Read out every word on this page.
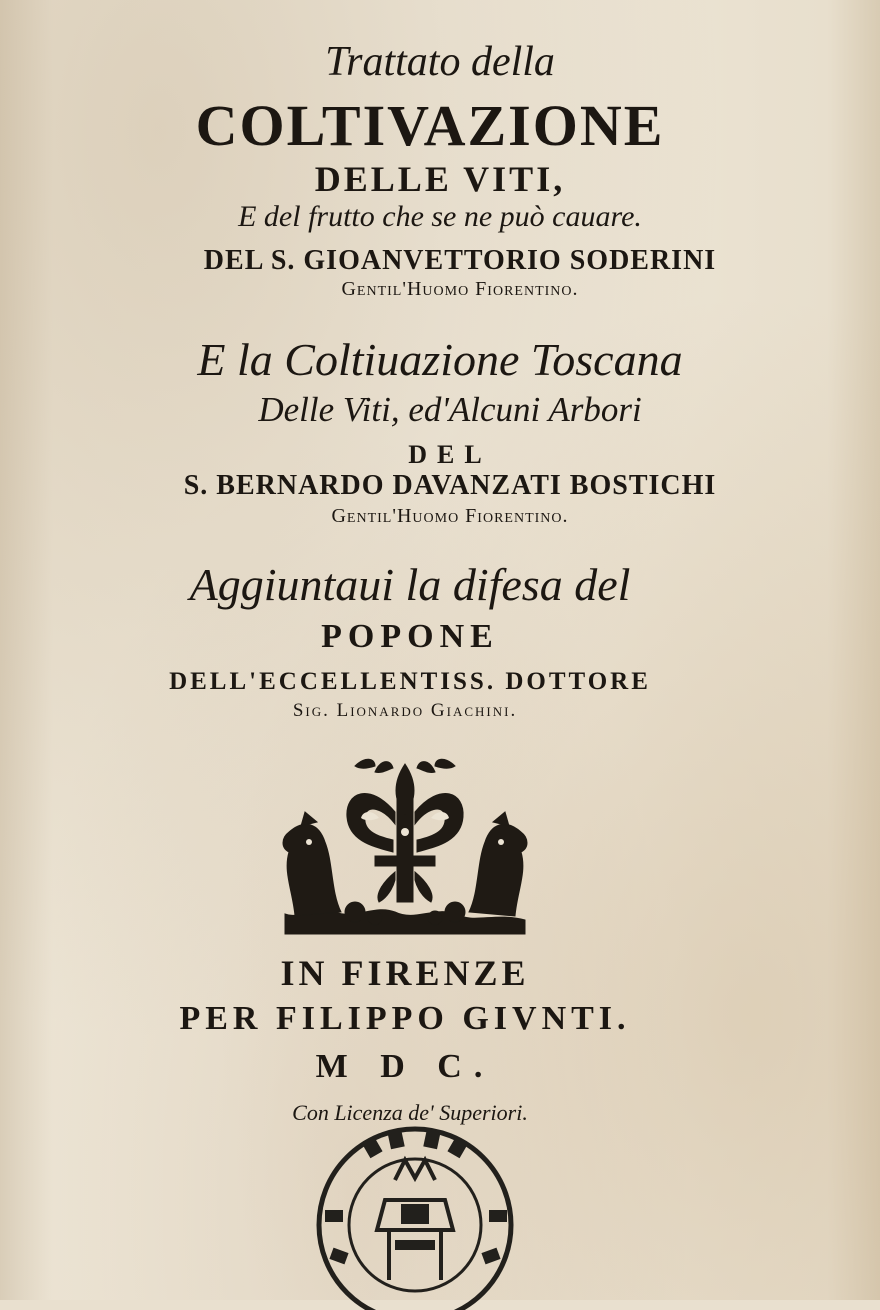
Trattato della
COLTIVAZIONE
DELLE VITI,
E del frutto che se ne può cauare.
DEL S. GIOANVETTORIO SODERINI
Gentil'Huomo Fiorentino.
E la Coltiuazione Toscana
Delle Viti, ed'Alcuni Arbori
DEL
S. BERNARDO DAVANZATI BOSTICHI
Gentil'Huomo Fiorentino.
Aggiuntaui la difesa del
POPONE
DELL'ECCELLENTISS. DOTTORE
Sig. Lionardo Giachini.
IN FIRENZE
PER FILIPPO GIVNTI.
M D C.
Con Licenza de' Superiori.
